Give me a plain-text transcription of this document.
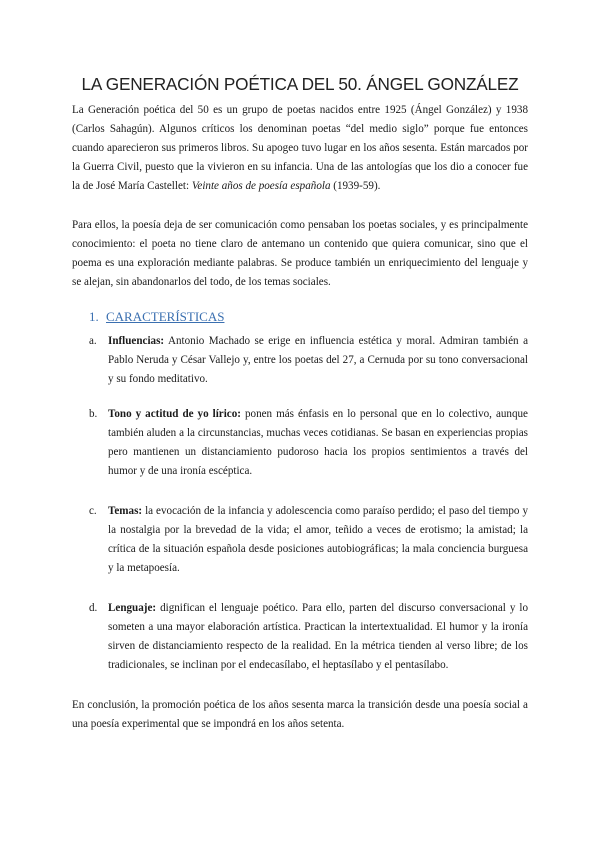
LA GENERACIÓN POÉTICA DEL 50. ÁNGEL GONZÁLEZ

La Generación poética del 50 es un grupo de poetas nacidos entre 1925 (Ángel González) y 1938 (Carlos Sahagún). Algunos críticos los denominan poetas “del medio siglo” porque fue entonces cuando aparecieron sus primeros libros. Su apogeo tuvo lugar en los años sesenta. Están marcados por la Guerra Civil, puesto que la vivieron en su infancia. Una de las antologías que los dio a conocer fue la de José María Castellet: Veinte años de poesía española (1939-59).

Para ellos, la poesía deja de ser comunicación como pensaban los poetas sociales, y es principalmente conocimiento: el poeta no tiene claro de antemano un contenido que quiera comunicar, sino que el poema es una exploración mediante palabras. Se produce también un enriquecimiento del lenguaje y se alejan, sin abandonarlos del todo, de los temas sociales.

1. CARACTERÍSTICAS
a.	Influencias: Antonio Machado se erige en influencia estética y moral. Admiran también a Pablo Neruda y César Vallejo y, entre los poetas del 27, a Cernuda por su tono conversacional y su fondo meditativo.
b. Tono y actitud de yo lírico: ponen más énfasis en lo personal que en lo colectivo, aunque también aluden a la circunstancias, muchas veces cotidianas. Se basan en experiencias propias pero mantienen un distanciamiento pudoroso hacia los propios sentimientos a través del humor y de una ironía escéptica.
c.	Temas: la evocación de la infancia y adolescencia como paraíso perdido; el paso del tiempo y la nostalgia por la brevedad de la vida; el amor, teñido a veces de erotismo; la amistad; la crítica de la situación española desde posiciones autobiográficas; la mala conciencia burguesa y la metapoesía.
d. Lenguaje: dignifican el lenguaje poético. Para ello, parten del discurso conversacional y lo someten a una mayor elaboración artística. Practican la intertextualidad. El humor y la ironía sirven de distanciamiento respecto de la realidad. En la métrica tienden al verso libre; de los tradicionales, se inclinan por el endecasílabo, el heptasílabo y el pentasílabo.

En conclusión, la promoción poética de los años sesenta marca la transición desde una poesía social a una poesía experimental que se impondrá en los años setenta.
